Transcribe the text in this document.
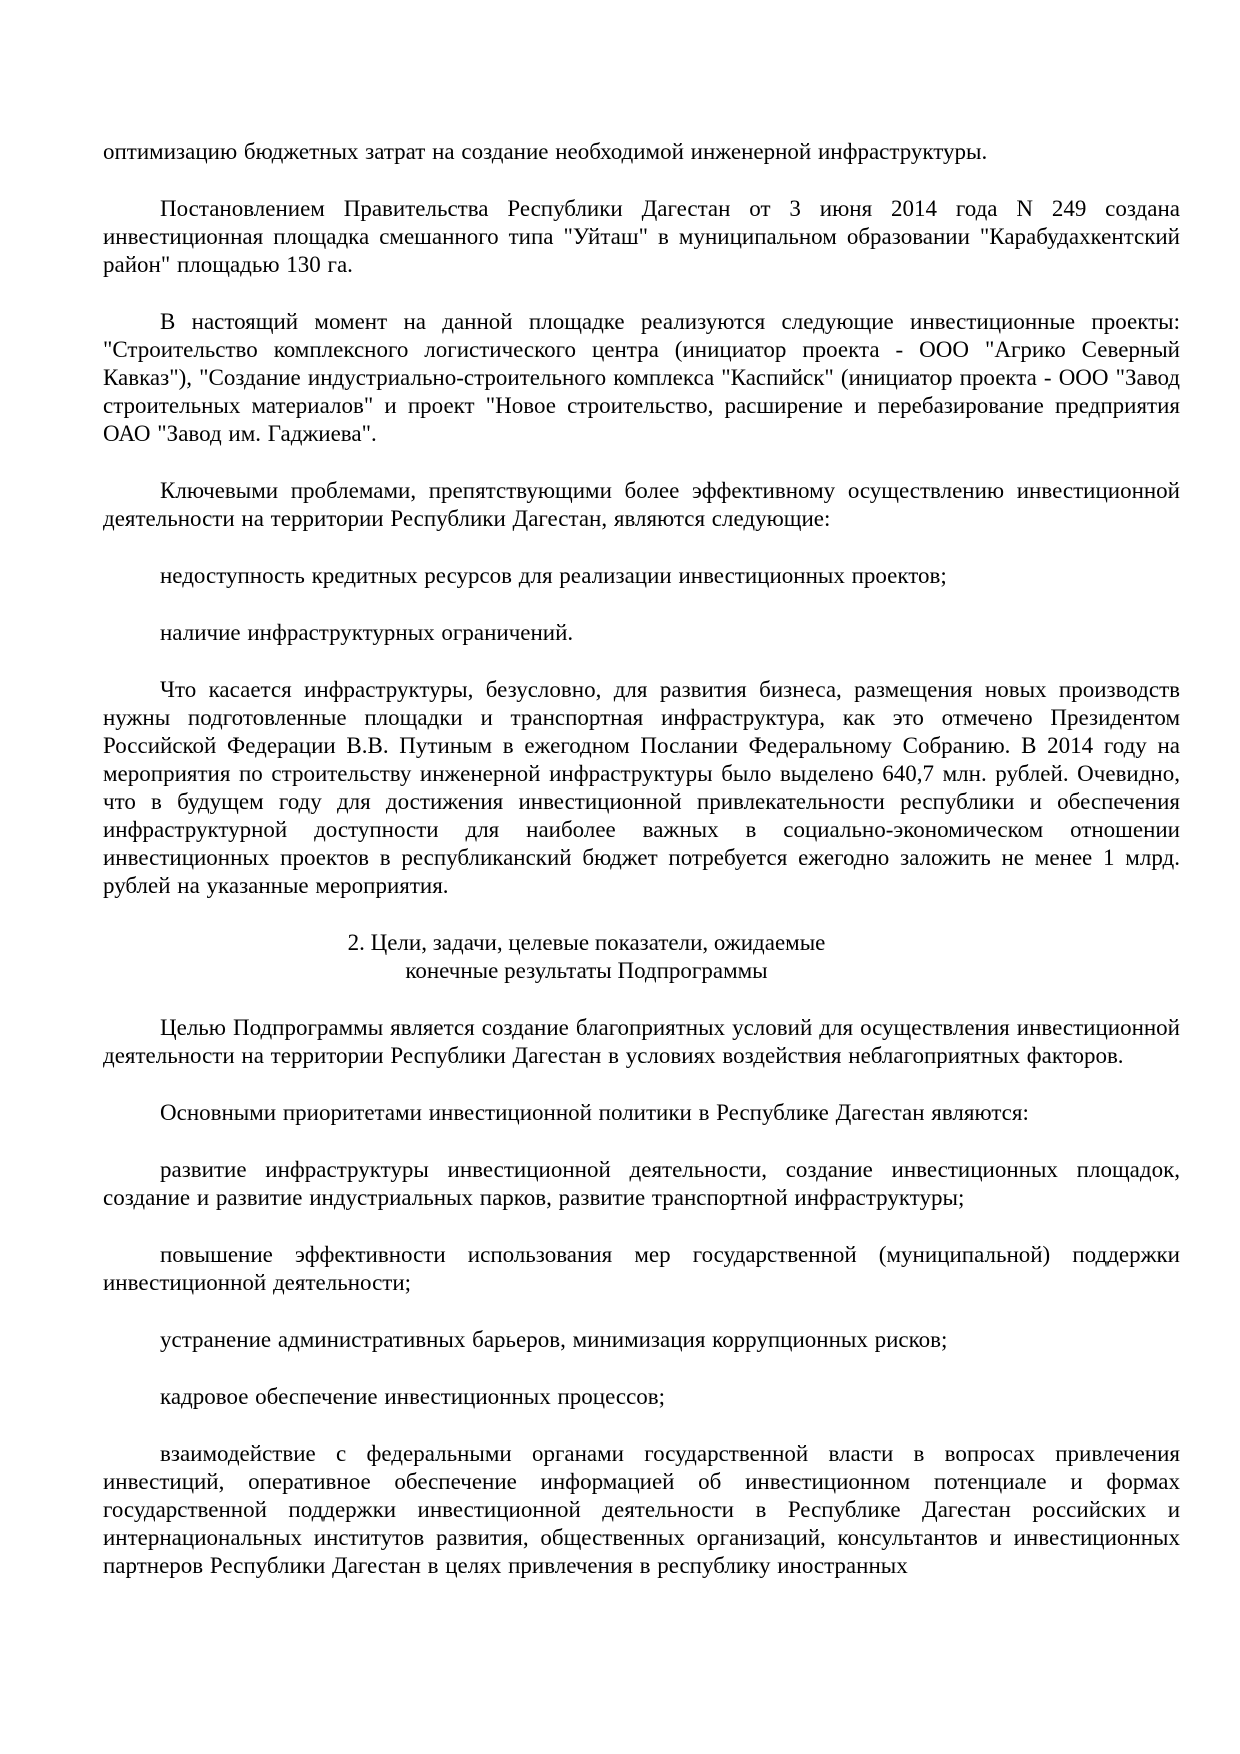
оптимизацию бюджетных затрат на создание необходимой инженерной инфраструктуры.

Постановлением Правительства Республики Дагестан от 3 июня 2014 года N 249 создана инвестиционная площадка смешанного типа "Уйташ" в муниципальном образовании "Карабудахкентский район" площадью 130 га.

В настоящий момент на данной площадке реализуются следующие инвестиционные проекты: "Строительство комплексного логистического центра (инициатор проекта - ООО "Агрико Северный Кавказ"), "Создание индустриально-строительного комплекса "Каспийск" (инициатор проекта - ООО "Завод строительных материалов" и проект "Новое строительство, расширение и перебазирование предприятия ОАО "Завод им. Гаджиева".

Ключевыми проблемами, препятствующими более эффективному осуществлению инвестиционной деятельности на территории Республики Дагестан, являются следующие:

недоступность кредитных ресурсов для реализации инвестиционных проектов;

наличие инфраструктурных ограничений.

Что касается инфраструктуры, безусловно, для развития бизнеса, размещения новых производств нужны подготовленные площадки и транспортная инфраструктура, как это отмечено Президентом Российской Федерации В.В. Путиным в ежегодном Послании Федеральному Собранию. В 2014 году на мероприятия по строительству инженерной инфраструктуры было выделено 640,7 млн. рублей. Очевидно, что в будущем году для достижения инвестиционной привлекательности республики и обеспечения инфраструктурной доступности для наиболее важных в социально-экономическом отношении инвестиционных проектов в республиканский бюджет потребуется ежегодно заложить не менее 1 млрд. рублей на указанные мероприятия.

2. Цели, задачи, целевые показатели, ожидаемые
конечные результаты Подпрограммы

Целью Подпрограммы является создание благоприятных условий для осуществления инвестиционной деятельности на территории Республики Дагестан в условиях воздействия неблагоприятных факторов.

Основными приоритетами инвестиционной политики в Республике Дагестан являются:

развитие инфраструктуры инвестиционной деятельности, создание инвестиционных площадок, создание и развитие индустриальных парков, развитие транспортной инфраструктуры;

повышение эффективности использования мер государственной (муниципальной) поддержки инвестиционной деятельности;

устранение административных барьеров, минимизация коррупционных рисков;

кадровое обеспечение инвестиционных процессов;

взаимодействие с федеральными органами государственной власти в вопросах привлечения инвестиций, оперативное обеспечение информацией об инвестиционном потенциале и формах государственной поддержки инвестиционной деятельности в Республике Дагестан российских и интернациональных институтов развития, общественных организаций, консультантов и инвестиционных партнеров Республики Дагестан в целях привлечения в республику иностранных
